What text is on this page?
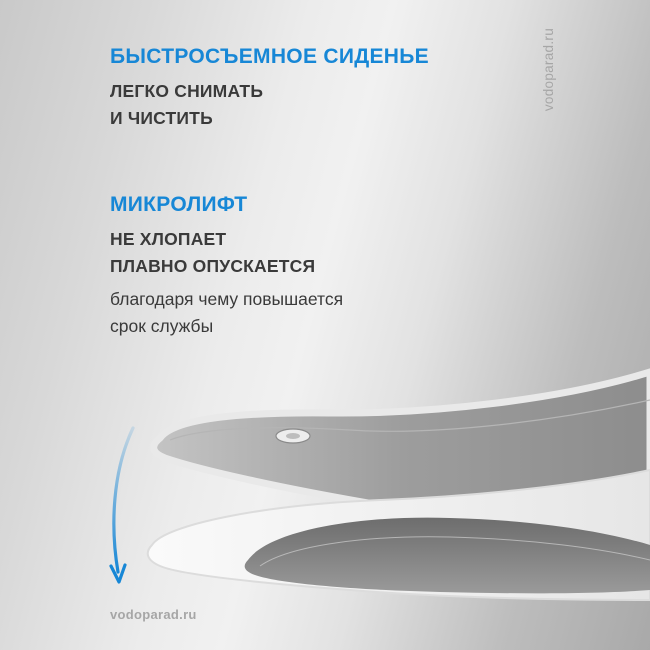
БЫСТРОСЪЕМНОЕ СИДЕНЬЕ
ЛЕГКО СНИМАТЬ
И ЧИСТИТЬ
МИКРОЛИФТ
НЕ ХЛОПАЕТ
ПЛАВНО ОПУСКАЕТСЯ
благодаря чему повышается
срок службы
vodoparad.ru
vodoparad.ru
